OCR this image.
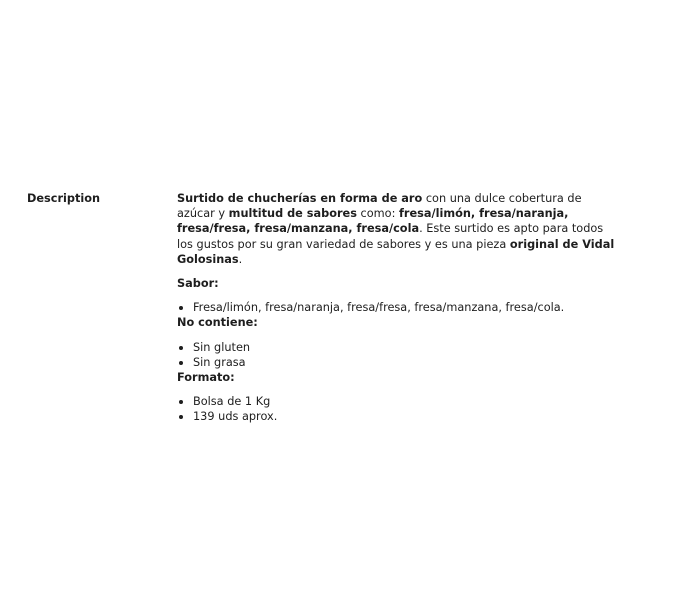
Description	Surtido de chucherías en forma de aro con una dulce cobertura de azúcar y multitud de sabores como: fresa/limón, fresa/naranja, fresa/fresa, fresa/manzana, fresa/cola. Este surtido es apto para todos los gustos por su gran variedad de sabores y es una pieza original de Vidal Golosinas.

Sabor:

Fresa/limón, fresa/naranja, fresa/fresa, fresa/manzana, fresa/cola.

No contiene:

Sin gluten
Sin grasa

Formato:

Bolsa de 1 Kg
139 uds aprox.
